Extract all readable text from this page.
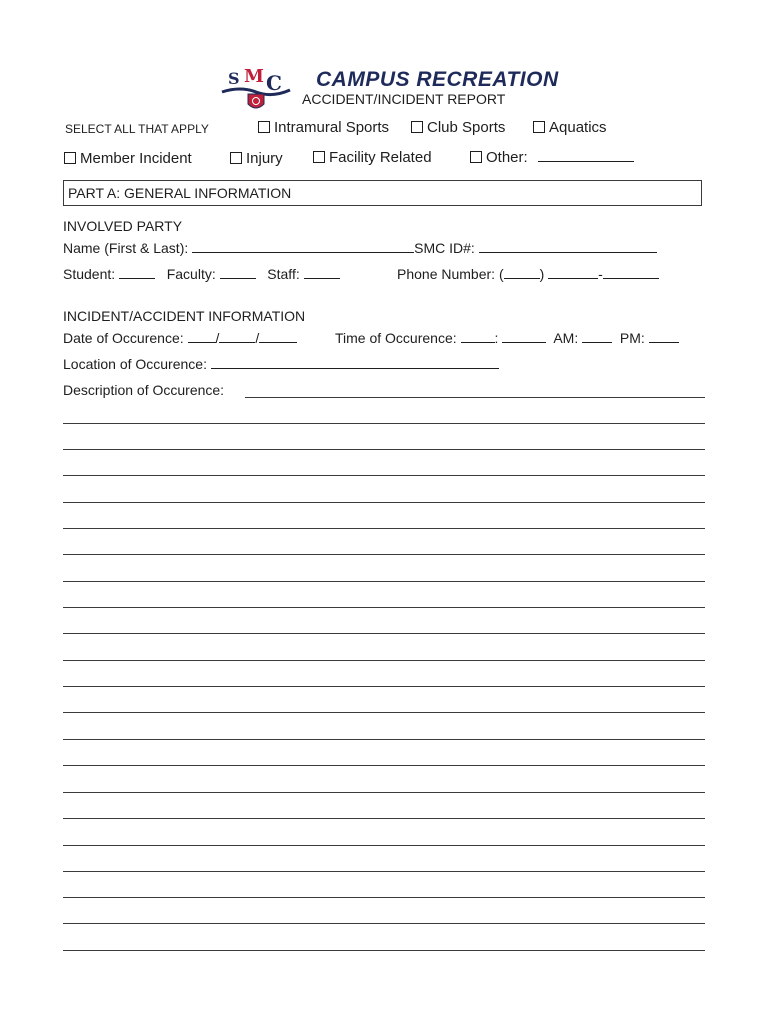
S M C CAMPUS RECREATION
ACCIDENT/INCIDENT REPORT
SELECT ALL THAT APPLY	Intramural Sports	Club Sports	Aquatics
Member Incident	Injury	Facility Related	Other:
PART A: GENERAL INFORMATION
INVOLVED PARTY
Name (First & Last):	SMC ID#:
Student:	Faculty:	Staff:	Phone Number: (	)	-
INCIDENT/ACCIDENT INFORMATION
Date of Occurence: /	/	Time of Occurence:	:	AM:	PM:
Location of Occurence:
Description of Occurence:
